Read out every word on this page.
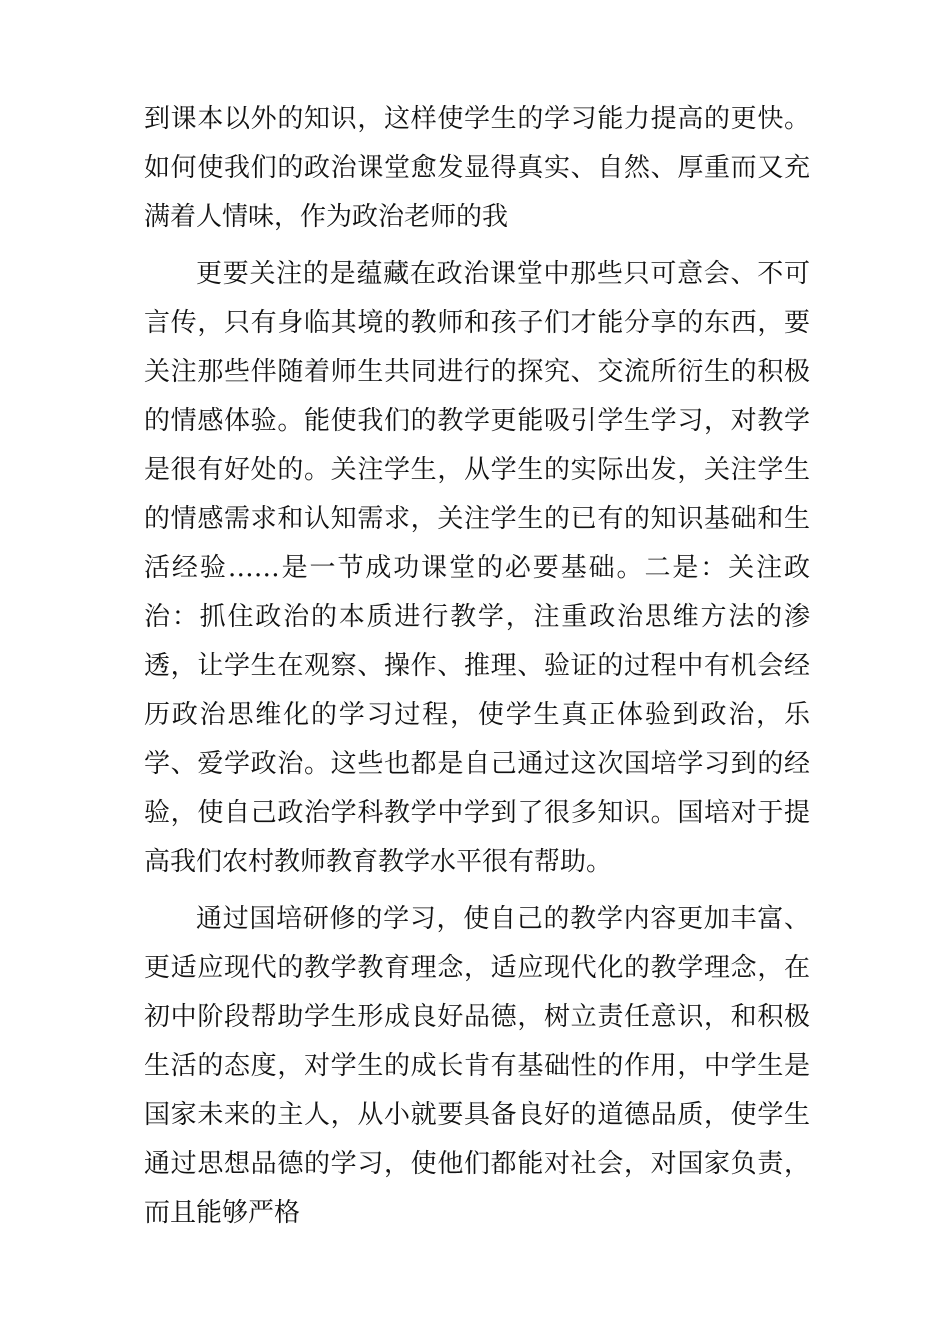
到课本以外的知识，这样使学生的学习能力提高的更快。如何使我们的政治课堂愈发显得真实、自然、厚重而又充满着人情味，作为政治老师的我

更要关注的是蕴藏在政治课堂中那些只可意会、不可言传，只有身临其境的教师和孩子们才能分享的东西，要关注那些伴随着师生共同进行的探究、交流所衍生的积极的情感体验。能使我们的教学更能吸引学生学习，对教学是很有好处的。关注学生，从学生的实际出发，关注学生的情感需求和认知需求，关注学生的已有的知识基础和生活经验……是一节成功课堂的必要基础。二是：关注政治：抓住政治的本质进行教学，注重政治思维方法的渗透，让学生在观察、操作、推理、验证的过程中有机会经历政治思维化的学习过程，使学生真正体验到政治，乐学、爱学政治。这些也都是自己通过这次国培学习到的经验，使自己政治学科教学中学到了很多知识。国培对于提高我们农村教师教育教学水平很有帮助。

通过国培研修的学习，使自己的教学内容更加丰富、更适应现代的教学教育理念，适应现代化的教学理念，在初中阶段帮助学生形成良好品德，树立责任意识，和积极生活的态度，对学生的成长肯有基础性的作用，中学生是国家未来的主人，从小就要具备良好的道德品质，使学生通过思想品德的学习，使他们都能对社会，对国家负责，而且能够严格
